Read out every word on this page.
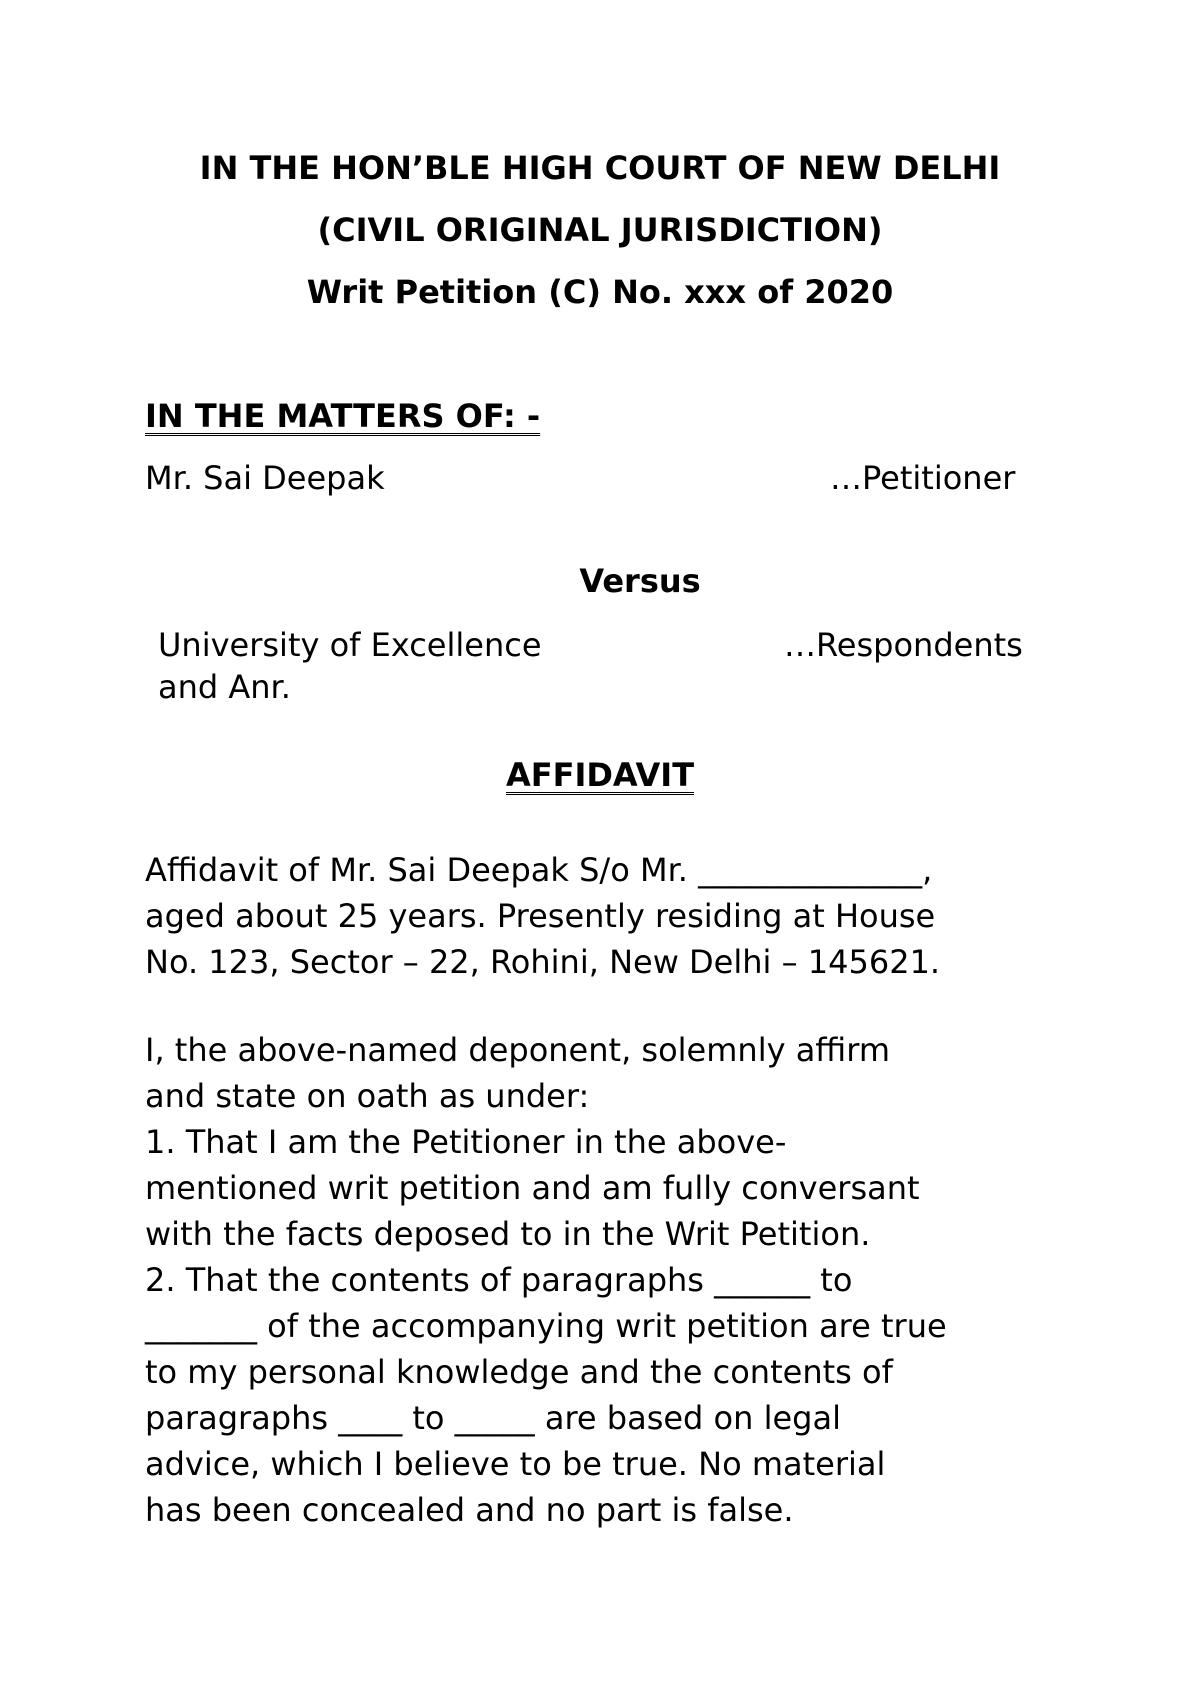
IN THE HON’BLE HIGH COURT OF NEW DELHI
(CIVIL ORIGINAL JURISDICTION)
Writ Petition (C) No. xxx of 2020
IN THE MATTERS OF: -
Mr. Sai Deepak	…Petitioner
Versus
University of Excellence
and Anr.
…Respondents
AFFIDAVIT
Affidavit of Mr. Sai Deepak S/o Mr. ______________,
aged about 25 years. Presently residing at House
No. 123, Sector – 22, Rohini, New Delhi – 145621.
I, the above-named deponent, solemnly affirm
and state on oath as under:
1. That I am the Petitioner in the above-
mentioned writ petition and am fully conversant
with the facts deposed to in the Writ Petition.
2. That the contents of paragraphs ______ to
_______ of the accompanying writ petition are true
to my personal knowledge and the contents of
paragraphs ____ to _____ are based on legal
advice, which I believe to be true. No material
has been concealed and no part is false.
